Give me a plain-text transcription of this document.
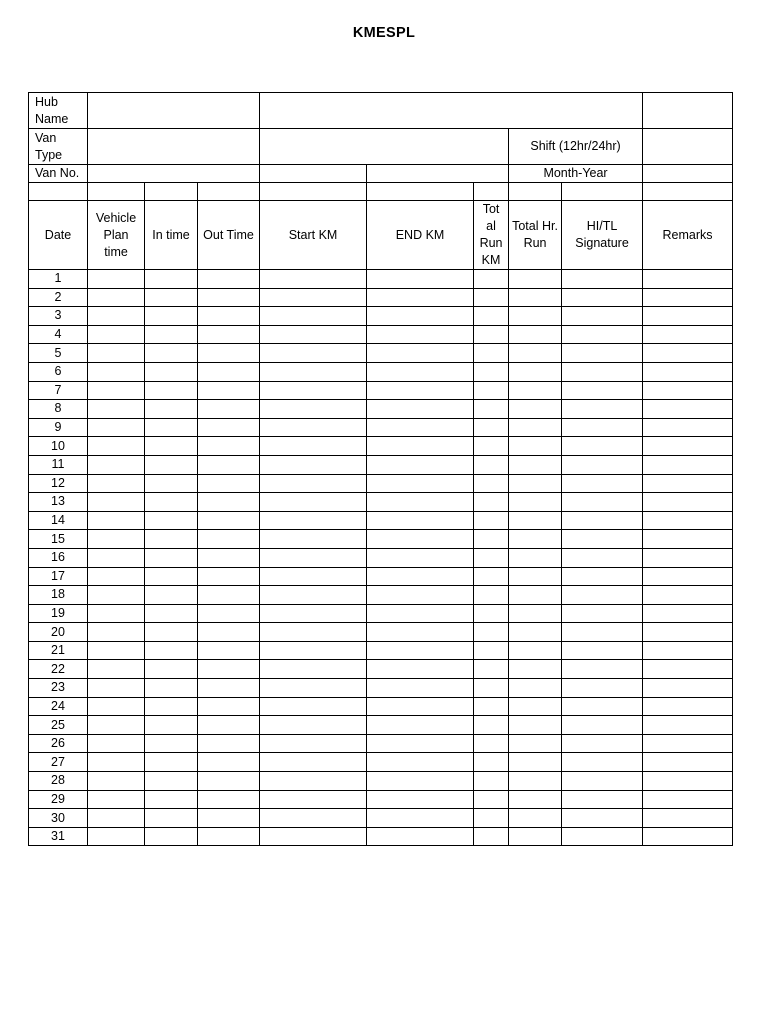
KMESPL
Hub Name									
Van Type							Shift (12hr/24hr)		
Van No.							Month-Year		

Date	Vehicle Plan time	In time	Out Time	Start KM	END KM	Tot al Run KM	Total Hr. Run	HI/TL Signature	Remarks
1									
2									
3									
4									
5									
6									
7									
8									
9									
10									
11									
12									
13									
14									
15									
16									
17									
18									
19									
20									
21									
22									
23									
24									
25									
26									
27									
28									
29									
30									
31									
